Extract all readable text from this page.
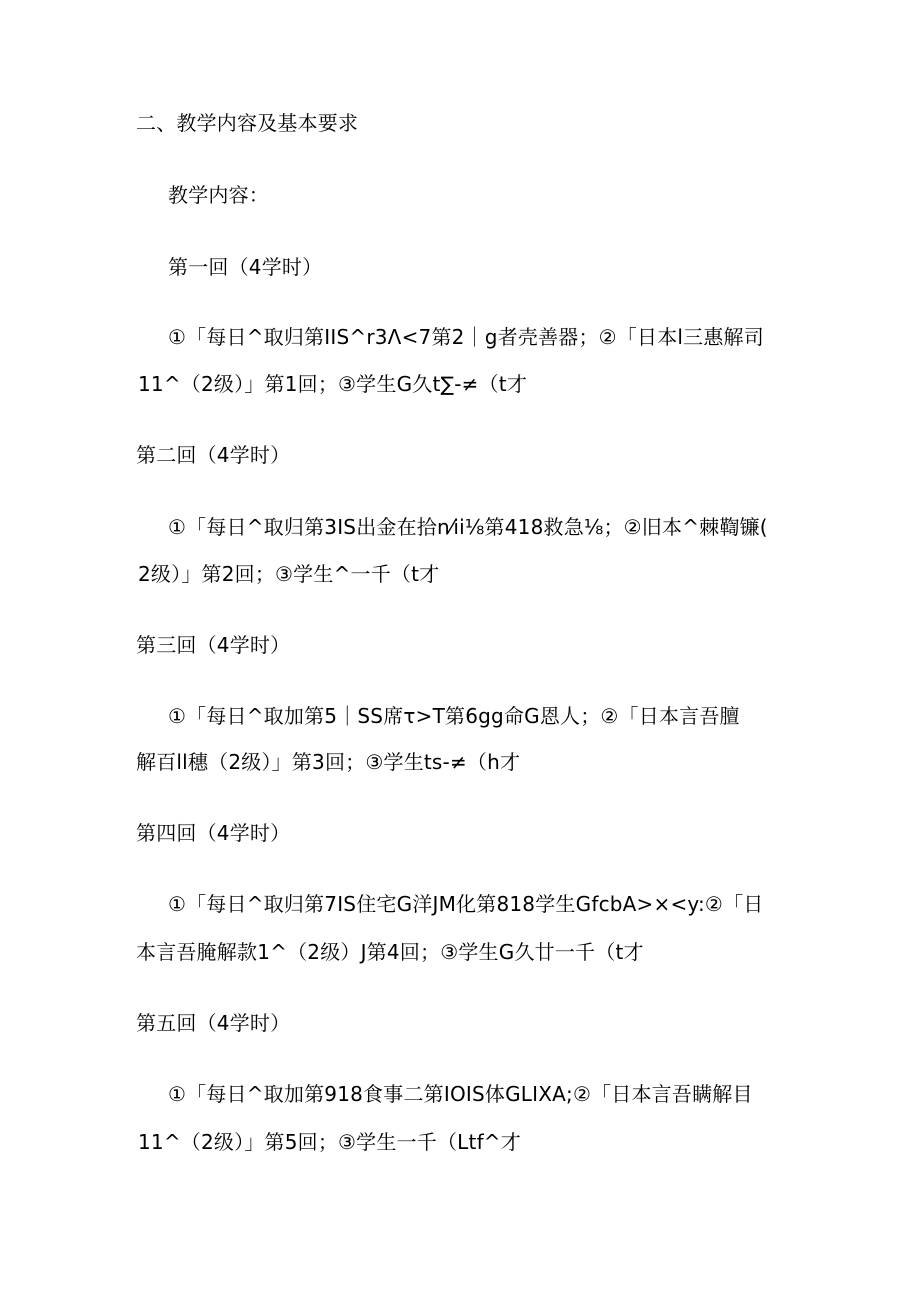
二、教学内容及基本要求
教学内容：
第一回（4学时）
①「每日^取归第IIS^r3Λ<7第2｜g者壳善器；②「日本l三惠解司
11^（2级）」第1回；③学生G久t∑-≠（t才
第二回（4学时）
①「每日^取归第3IS出金在拾n⁄ii⅛第418救急⅛；②旧本^棘鞫镰(
2级）」第2回；③学生^一千（t才
第三回（4学时）
①「每日^取加第5｜SS席τ>T第6gg命G恩人；②「日本言吾膻
解百ll穗（2级）」第3回；③学生ts-≠（h才
第四回（4学时）
①「每日^取归第7IS住宅G洋JM化第818学生GfcbA>×<y:②「日
本言吾腌解款1^（2级）J第4回；③学生G久廿一千（t才
第五回（4学时）
①「每日^取加第918食事二第IOIS体GLIXA;②「日本言吾瞒解目
11^（2级）」第5回；③学生一千（Ltf^才
